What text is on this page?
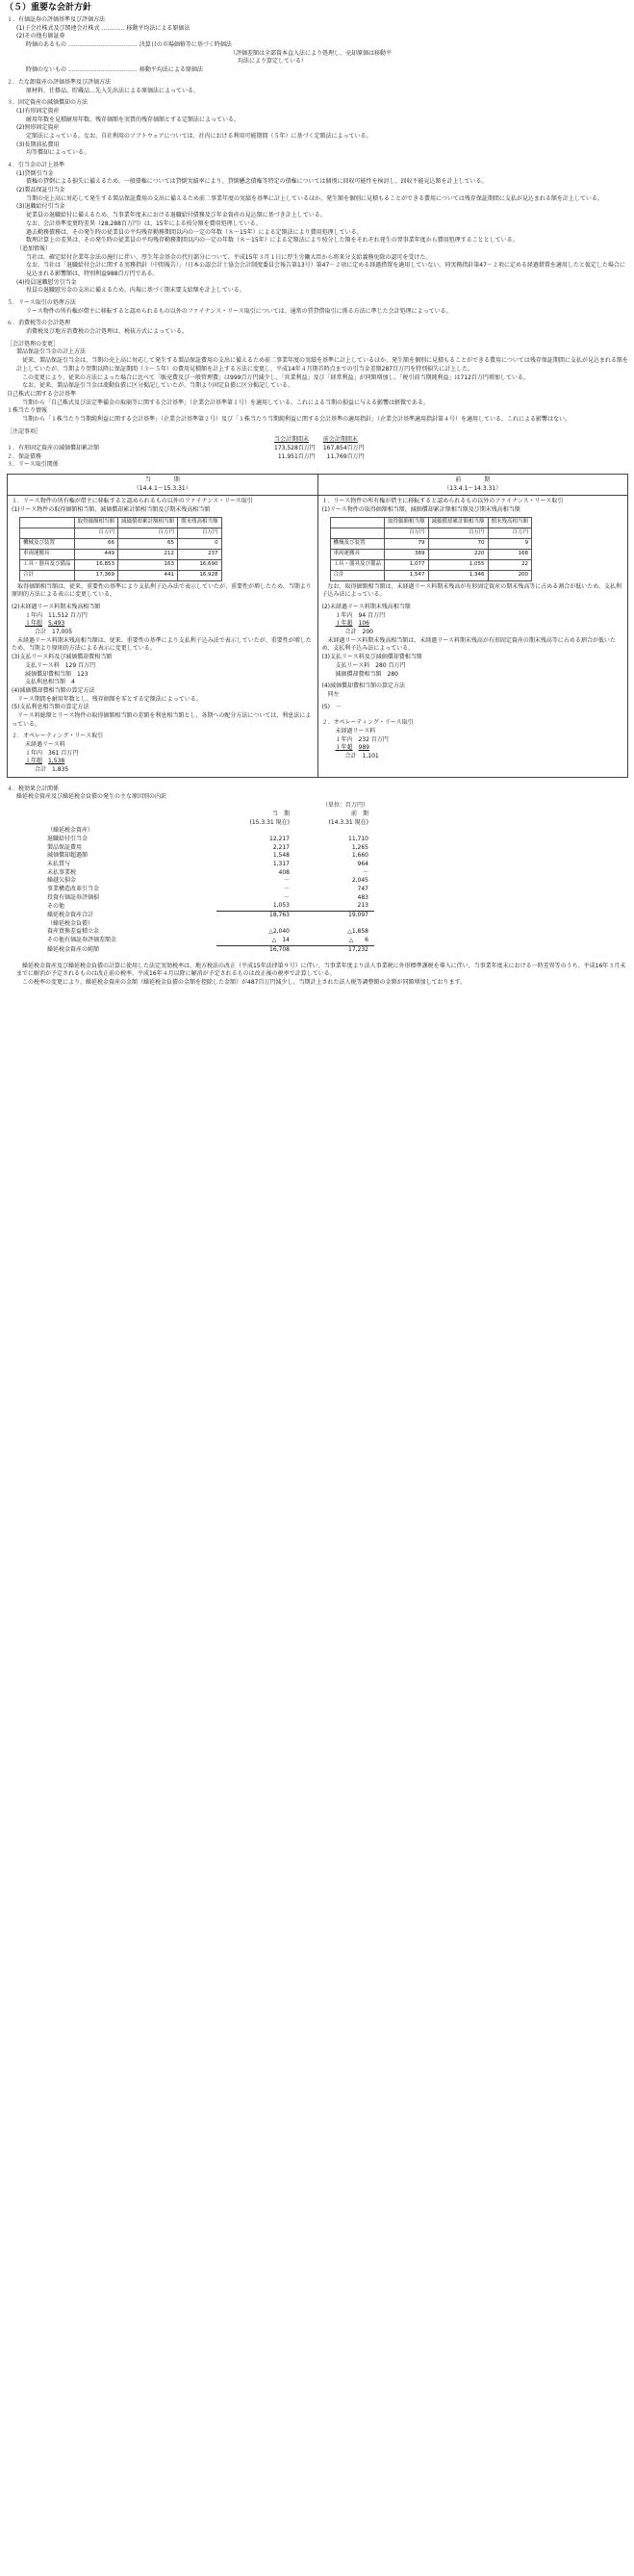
（５）重要な会計方針
１．有価証券の評価基準及び評価方法
(1)子会社株式及び関連会社株式 ………… 移動平均法による原価法
(2)その他有価証券
時価のあるもの ……………………………… 決算日の市場価格等に基づく時価法
（評価差額は全部資本直入法により処理し、売却原価は移動平
均法により算定している）
時価のないもの ……………………………… 移動平均法による原価法
２．たな卸資産の評価基準及び評価方法
原材料、仕掛品、貯蔵品…先入先出法による原価法によっている。
３．固定資産の減価償却の方法
(1)有形固定資産
耐用年数を見積耐用年数、残存価額を実質的残存価額とする定額法によっている。
(2)無形固定資産
定額法によっている。なお、自社利用のソフトウェアについては、社内における利用可能期間（５年）に基づく定額法によっている。
(3)長期前払費用
均等償却によっている。
４．引当金の計上基準
(1)貸倒引当金
債権の貸倒による損失に備えるため、一般債権については貸倒実績率により、貸倒懸念債権等特定の債権については個別に回収可能性を検討し、回収不能見込額を計上している。
(2)製品保証引当金
当期の売上高に対応して発生する製品保証費用の支出に備えるため前二事業年度の実績を基準に計上しているほか、発生額を個別に見積もることができる費用については残存保証期間に支払が見込まれる額を計上している。
(3)退職給付引当金
従業員の退職給付に備えるため、当事業年度末における退職給付債務及び年金資産の見込額に基づき計上している。
なお、会計基準変更時差異（28,288百万円）は、15年による按分額を費用処理している。
過去勤務債務は、その発生時の従業員の平均残存勤務期間以内の一定の年数（８〜15年）による定額法により費用処理している。
数理計算上の差異は、その発生時の従業員の平均残存勤務期間以内の一定の年数（８〜15年）による定額法により按分した額をそれぞれ発生の翌事業年度から費用処理することとしている。
（追加情報）
当社は、確定給付企業年金法の施行に伴い、厚生年金基金の代行部分について、平成15年３月１日に厚生労働大臣から将来分支給義務免除の認可を受けた。
なお、当社は「退職給付会計に関する実務指針（中間報告）」（日本公認会計士協会会計制度委員会報告第13号）第47－２項に定める経過措置を適用していない。同実務指針第47－２項に定める経過措置を適用したと仮定した場合に見込まれる影響額は、特別利益988百万円である。
(4)役員退職慰労引当金
役員の退職慰労金の支出に備えるため、内規に基づく期末要支給額を計上している。
５．リース取引の処理方法
リース物件の所有権が借主に移転すると認められるもの以外のファイナンス・リース取引については、通常の賃貸借取引に係る方法に準じた会計処理によっている。
６．消費税等の会計処理
消費税及び地方消費税の会計処理は、税抜方式によっている。
［会計処理の変更］
製品保証引当金の計上方法
従来、製品保証引当金は、当期の売上高に対応して発生する製品保証費用の支出に備えるため前二事業年度の実績を基準に計上しているほか、発生額を個別に見積もることができる費用については残存保証期間に支払が見込まれる額を計上していたが、当期より翌期以降に保証期間（３〜５年）の費用見積額を計上する方法に変更し、平成14年４月期首時点までの引当金差額287百万円を特別損失に計上した。
この変更により、従来の方法によった場合に比べて「販売費及び一般管理費」は999百万円減少し、「営業利益」及び「経常利益」が同額増加し、「税引前当期純利益」は712百万円増加している。
なお、従来、製品保証引当金は流動負債に区分掲記していたが、当期より固定負債に区分掲記している。
自己株式に関する会計基準
当期から「自己株式及び法定準備金の取崩等に関する会計基準」（企業会計基準第１号）を適用している。これによる当期の損益に与える影響は軽微である。
１株当たり情報
当期から「１株当たり当期純利益に関する会計基準」（企業会計基準第２号）及び「１株当たり当期純利益に関する会計基準の適用指針」（企業会計基準適用指針第４号）を適用している。これによる影響はない。
［注記事項］
	当会計期間末	前会計期間末
１．有形固定資産の減価償却累計額	173,528百万円	167,854百万円
２．保証債務	11,951百万円	11,769百万円
３．リース取引関係		
当　　　　期
（14.4.1〜15.3.31）

前　　　　期
（13.4.1〜14.3.31）

１．リース物件の所有権が借主に移転すると認められるもの以外のファイナンス・リース取引
(1)リース物件の取得価額相当額、減価償却累計額相当額及び期末残高相当額
	取得価額相当額	減価償却累計額相当額	期末残高相当額
	百万円	百万円	百万円
機械及び装置	66	65	0
車両運搬具	449	212	237
工具・器具及び備品	16,853	163	16,690
合計	17,369	441	16,928
取得価額相当額は、従来、重要性の基準により支払利子込み法で表示していたが、重要性が増したため、当期より原則的方法による表示に変更している。
(2)未経過リース料期末残高相当額
１年内　 11,512 百万円
１年超　 5,493
合計　 17,005
未経過リース料期末残高相当額は、従来、重要性の基準により支払利子込み法で表示していたが、重要性が増したため、当期より原則的方法による表示に変更している。
(3)支払リース料及び減価償却費相当額
支払リース料　 129 百万円
減価償却費相当額　 123
支払利息相当額　 4
(4)減価償却費相当額の算定方法
リース期間を耐用年数とし、残存価額を零とする定額法によっている。
(5)支払利息相当額の算定方法
リース料総額とリース物件の取得価額相当額の差額を利息相当額とし、各期への配分方法については、利息法によっている。
２．オペレーティング・リース取引
未経過リース料
１年内　 361 百万円
１年超　 1,538
合計　 1,835

１．リース物件の所有権が借主に移転すると認められるもの以外のファイナンス・リース取引
(1)リース物件の取得価額相当額、減価償却累計額相当額及び期末残高相当額
	取得価額相当額	減価償却累計額相当額	期末残高相当額
	百万円	百万円	百万円
機械及び装置	79	70	9
車両運搬具	389	220	168
工具・器具及び備品	1,077	1,055	22
合計	1,547	1,346	200
なお、取得価額相当額は、未経過リース料期末残高が有形固定資産の期末残高等に占める割合が低いため、支払利子込み法によっている。
(2)未経過リース料期末残高相当額
１年内　 94 百万円
１年超　 106
合計　 200
未経過リース料期末残高相当額は、未経過リース料期末残高が有形固定資産の期末残高等に占める割合が低いため、支払利子込み法によっている。
(3)支払リース料及び減価償却費相当額
支払リース料　 280 百万円
減価償却費相当額　 280
(4)減価償却費相当額の算定方法
同左
(5)　－
２．オペレーティング・リース取引
未経過リース料
１年内　 232 百万円
１年超　 989
合計　 1,101
４．税効果会計関係
繰延税金資産及び繰延税金負債の発生の主な原因別の内訳
		（単位：百万円）
	当　期	前　期
	(15.3.31 現在)	(14.3.31 現在)
（繰延税金資産）		
退職給付引当金	12,217	11,710
製品保証費用	2,217	1,265
減価償却超過額	1,548	1,660
未払賞与	1,317	964
未払事業税	408	－
繰越欠損金	－	2,045
事業構造改革引当金	－	747
投資有価証券評価損	－	483
その他	1,053	213
繰延税金資産合計	18,763	19,097
（繰延税金負債）		
資産買換差益積立金	△2,040	△1,858
その他有価証券評価差額金	△　14	△　　6
繰延税金資産の純額	16,708	17,232
繰延税金資産及び繰延税金負債の計算に使用した法定実効税率は、地方税法の改正（平成15年法律第９号）に伴い、当事業年度より法人事業税に外形標準課税を導入に伴い、当事業年度末における一時差異等のうち、平成16年３月末までに解消が予定されるものは改正前の税率、平成16年４月以降に解消が予定されるものは改正後の税率で計算している。
この税率の変更により、繰延税金資産の金額（繰延税金負債の金額を控除した金額）が487百万円減少し、当期計上された法人税等調整額の金額が同額増加しております。
